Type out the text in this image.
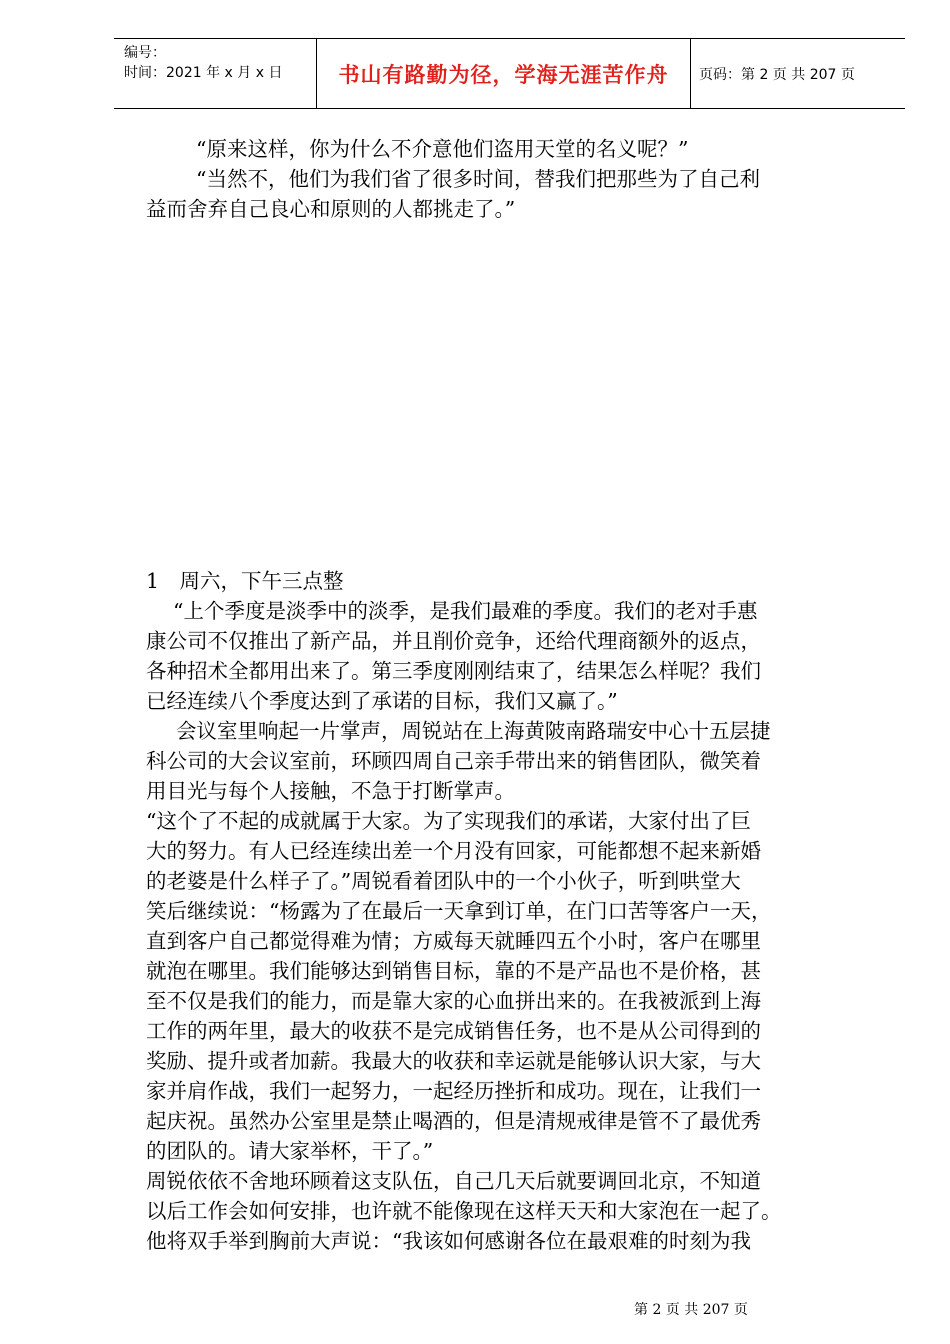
编号：
时间：2021 年 x 月 x 日	书山有路勤为径，学海无涯苦作舟	页码：第 2 页 共 207 页
“原来这样，你为什么不介意他们盗用天堂的名义呢？”
“当然不，他们为我们省了很多时间，替我们把那些为了自己利
益而舍弃自己良心和原则的人都挑走了。”
1　周六，下午三点整
“上个季度是淡季中的淡季，是我们最难的季度。我们的老对手惠
康公司不仅推出了新产品，并且削价竞争，还给代理商额外的返点，
各种招术全都用出来了。第三季度刚刚结束了，结果怎么样呢？我们
已经连续八个季度达到了承诺的目标，我们又赢了。”
会议室里响起一片掌声，周锐站在上海黄陂南路瑞安中心十五层捷
科公司的大会议室前，环顾四周自己亲手带出来的销售团队，微笑着
用目光与每个人接触，不急于打断掌声。
“这个了不起的成就属于大家。为了实现我们的承诺，大家付出了巨
大的努力。有人已经连续出差一个月没有回家，可能都想不起来新婚
的老婆是什么样子了。”周锐看着团队中的一个小伙子，听到哄堂大
笑后继续说：“杨露为了在最后一天拿到订单，在门口苦等客户一天，
直到客户自己都觉得难为情；方威每天就睡四五个小时，客户在哪里
就泡在哪里。我们能够达到销售目标，靠的不是产品也不是价格，甚
至不仅是我们的能力，而是靠大家的心血拼出来的。在我被派到上海
工作的两年里，最大的收获不是完成销售任务，也不是从公司得到的
奖励、提升或者加薪。我最大的收获和幸运就是能够认识大家，与大
家并肩作战，我们一起努力，一起经历挫折和成功。现在，让我们一
起庆祝。虽然办公室里是禁止喝酒的，但是清规戒律是管不了最优秀
的团队的。请大家举杯，干了。”
周锐依依不舍地环顾着这支队伍，自己几天后就要调回北京，不知道
以后工作会如何安排，也许就不能像现在这样天天和大家泡在一起了。
他将双手举到胸前大声说：“我该如何感谢各位在最艰难的时刻为我
第 2 页 共 207 页
